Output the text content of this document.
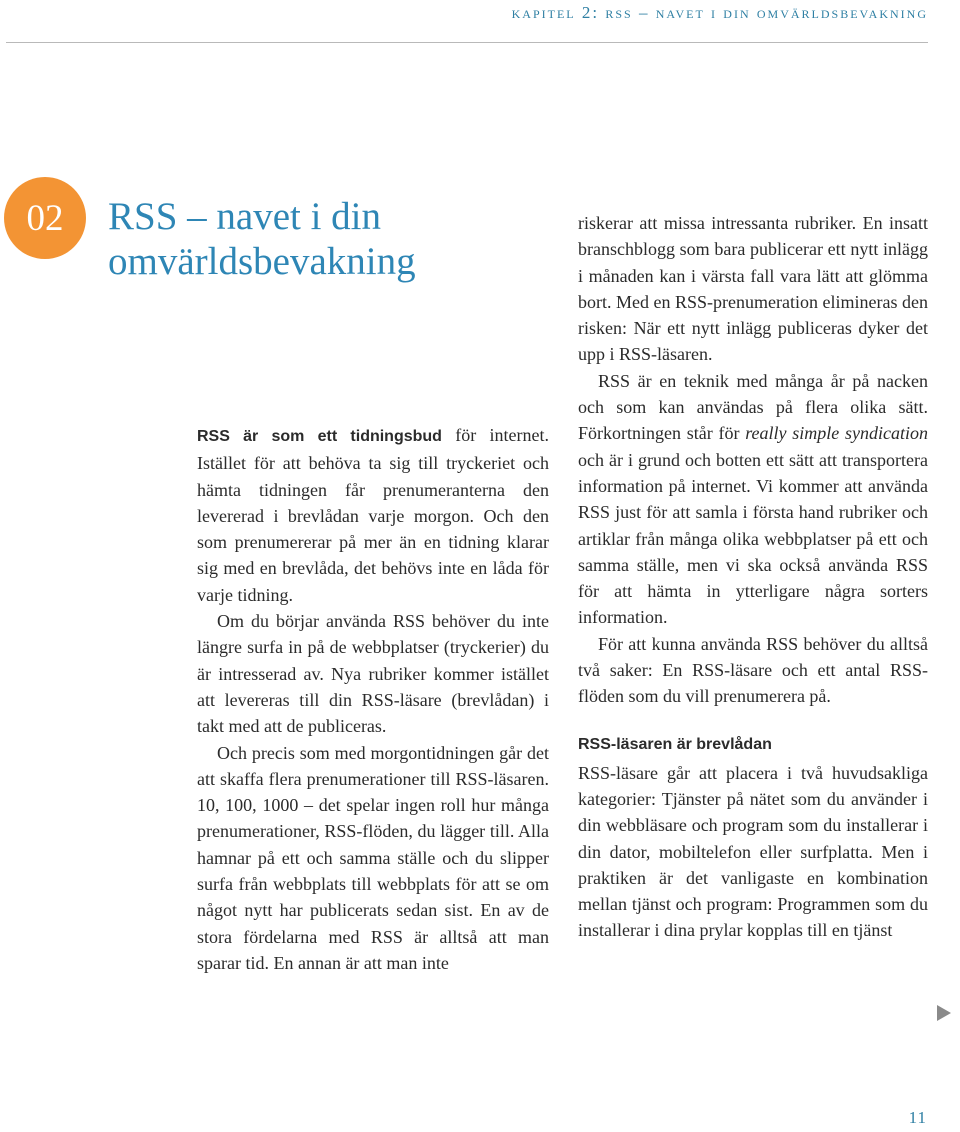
kapitel 2: rss – navet i din omvärldsbevakning
02 RSS – navet i din
omvärldsbevakning

RSS är som ett tidningsbud för internet. Istället för att behöva ta sig till tryckeriet och hämta tidningen får prenumeranterna den levererad i brevlådan varje morgon. Och den som prenumererar på mer än en tidning klarar sig med en brevlåda, det behövs inte en låda för varje tidning.

Om du börjar använda RSS behöver du inte längre surfa in på de webbplatser (tryckerier) du är intresserad av. Nya rubriker kommer istället att levereras till din RSS-läsare (brevlådan) i takt med att de publiceras.

Och precis som med morgontidningen går det att skaffa flera prenumerationer till RSS-läsaren. 10, 100, 1000 – det spelar ingen roll hur många prenumerationer, RSS-flöden, du lägger till. Alla hamnar på ett och samma ställe och du slipper surfa från webbplats till webbplats för att se om något nytt har publicerats sedan sist. En av de stora fördelarna med RSS är alltså att man sparar tid. En annan är att man inte

riskerar att missa intressanta rubriker. En insatt branschblogg som bara publicerar ett nytt inlägg i månaden kan i värsta fall vara lätt att glömma bort. Med en RSS-prenumeration elimineras den risken: När ett nytt inlägg publiceras dyker det upp i RSS-läsaren.

RSS är en teknik med många år på nacken och som kan användas på flera olika sätt. Förkortningen står för really simple syndication och är i grund och botten ett sätt att transportera information på internet. Vi kommer att använda RSS just för att samla i första hand rubriker och artiklar från många olika webbplatser på ett och samma ställe, men vi ska också använda RSS för att hämta in ytterligare några sorters information.

För att kunna använda RSS behöver du alltså två saker: En RSS-läsare och ett antal RSS-flöden som du vill prenumerera på.

RSS-läsaren är brevlådan

RSS-läsare går att placera i två huvudsakliga kategorier: Tjänster på nätet som du använder i din webbläsare och program som du installerar i din dator, mobiltelefon eller surfplatta. Men i praktiken är det vanligaste en kombination mellan tjänst och program: Programmen som du installerar i dina prylar kopplas till en tjänst

11
